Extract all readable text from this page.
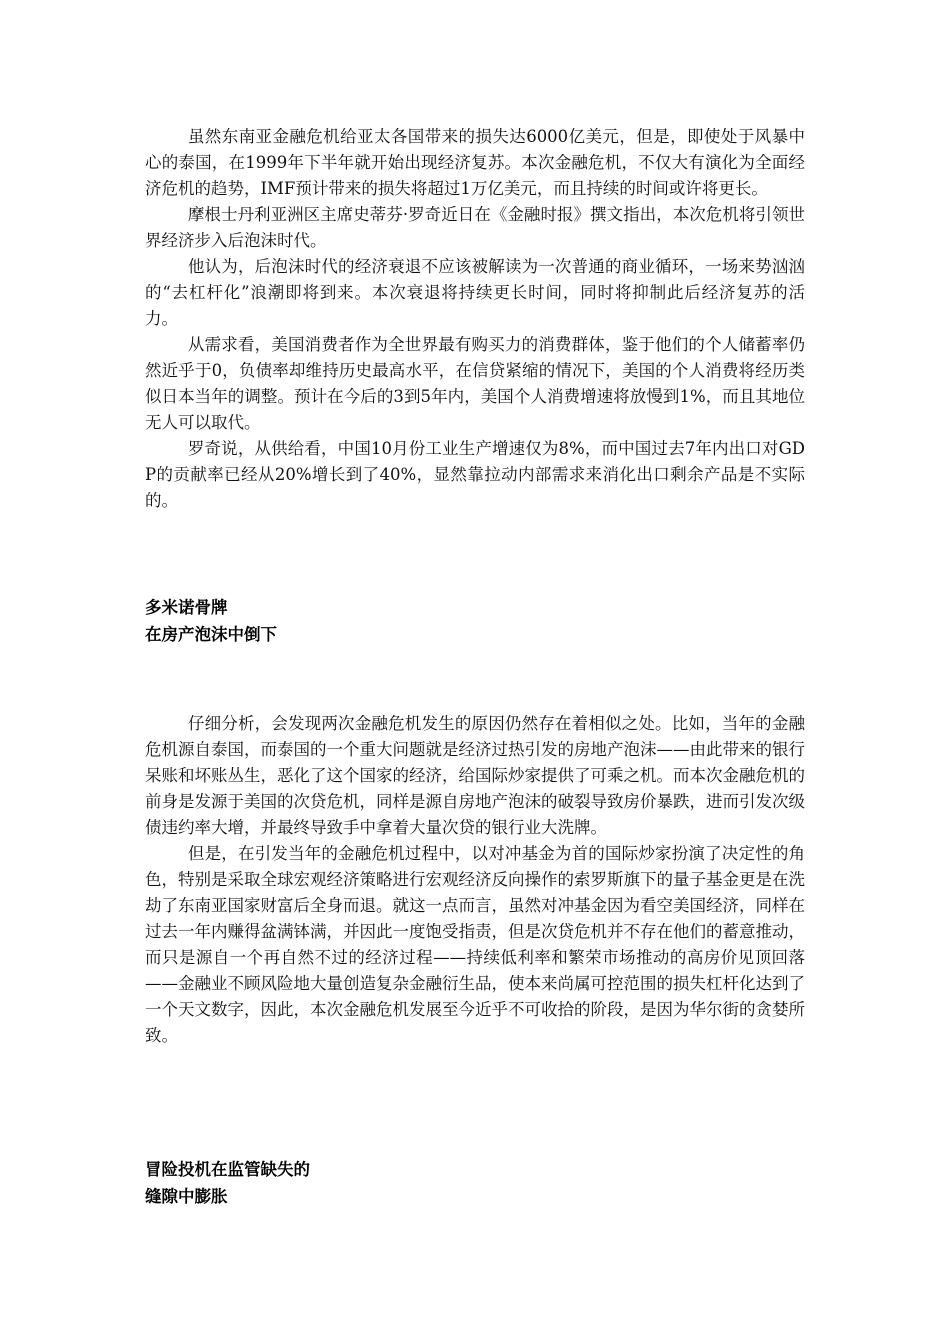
虽然东南亚金融危机给亚太各国带来的损失达6000亿美元，但是，即使处于风暴中心的泰国，在1999年下半年就开始出现经济复苏。本次金融危机，不仅大有演化为全面经济危机的趋势，IMF预计带来的损失将超过1万亿美元，而且持续的时间或许将更长。

摩根士丹利亚洲区主席史蒂芬·罗奇近日在《金融时报》撰文指出，本次危机将引领世界经济步入后泡沫时代。

他认为，后泡沫时代的经济衰退不应该被解读为一次普通的商业循环，一场来势汹汹的“去杠杆化”浪潮即将到来。本次衰退将持续更长时间，同时将抑制此后经济复苏的活力。

从需求看，美国消费者作为全世界最有购买力的消费群体，鉴于他们的个人储蓄率仍然近乎于0，负债率却维持历史最高水平，在信贷紧缩的情况下，美国的个人消费将经历类似日本当年的调整。预计在今后的3到5年内，美国个人消费增速将放慢到1%，而且其地位无人可以取代。

罗奇说，从供给看，中国10月份工业生产增速仅为8%，而中国过去7年内出口对GDP的贡献率已经从20%增长到了40%，显然靠拉动内部需求来消化出口剩余产品是不实际的。

多米诺骨牌
在房产泡沫中倒下

仔细分析，会发现两次金融危机发生的原因仍然存在着相似之处。比如，当年的金融危机源自泰国，而泰国的一个重大问题就是经济过热引发的房地产泡沫——由此带来的银行呆账和坏账丛生，恶化了这个国家的经济，给国际炒家提供了可乘之机。而本次金融危机的前身是发源于美国的次贷危机，同样是源自房地产泡沫的破裂导致房价暴跌，进而引发次级债违约率大增，并最终导致手中拿着大量次贷的银行业大洗牌。

但是，在引发当年的金融危机过程中，以对冲基金为首的国际炒家扮演了决定性的角色，特别是采取全球宏观经济策略进行宏观经济反向操作的索罗斯旗下的量子基金更是在洗劫了东南亚国家财富后全身而退。就这一点而言，虽然对冲基金因为看空美国经济，同样在过去一年内赚得盆满钵满，并因此一度饱受指责，但是次贷危机并不存在他们的蓄意推动，而只是源自一个再自然不过的经济过程——持续低利率和繁荣市场推动的高房价见顶回落——金融业不顾风险地大量创造复杂金融衍生品，使本来尚属可控范围的损失杠杆化达到了一个天文数字，因此，本次金融危机发展至今近乎不可收拾的阶段，是因为华尔街的贪婪所致。

冒险投机在监管缺失的
缝隙中膨胀
